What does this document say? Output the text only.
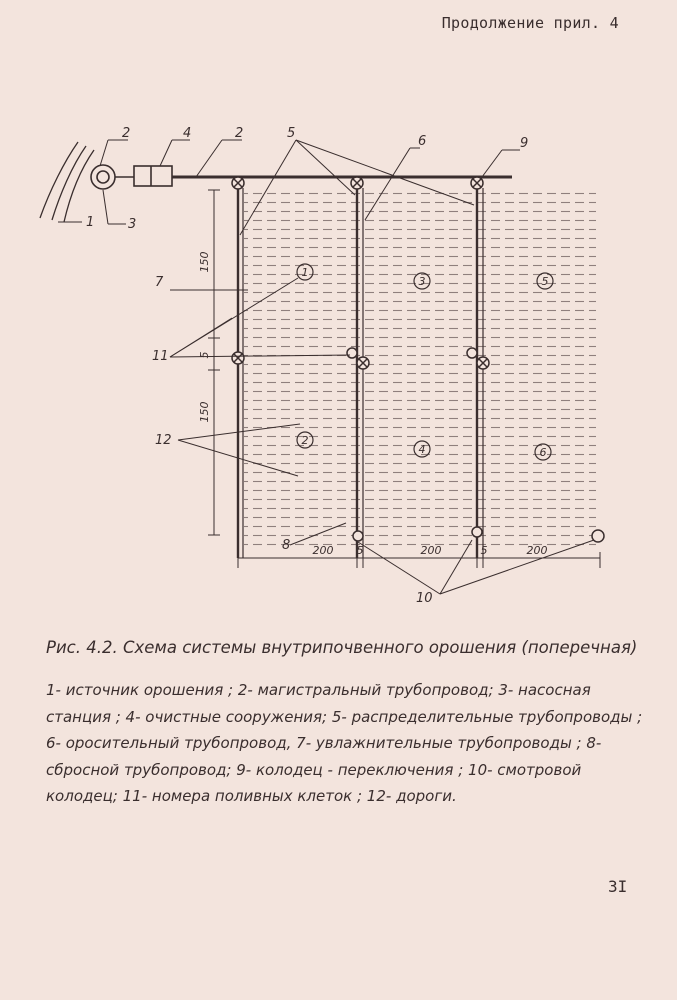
Продолжение прил. 4
1
2
3
4
5
6
150
5
150
200 5	200	5	200
1
2
3
4	2	5
6	9
7
11
12
8
10
Рис. 4.2. Схема системы внутрипочвенного орошения (поперечная)
1- источник орошения ; 2- магистральный трубопровод; 3- насосная станция ; 4- очистные сооружения; 5- распределительные трубопроводы ; 6- оросительный трубопровод, 7- увлажнительные трубопроводы ; 8- сбросной трубопровод; 9- колодец - переключения ; 10- смотровой колодец; 11- номера поливных клеток ; 12- дороги.
3I
